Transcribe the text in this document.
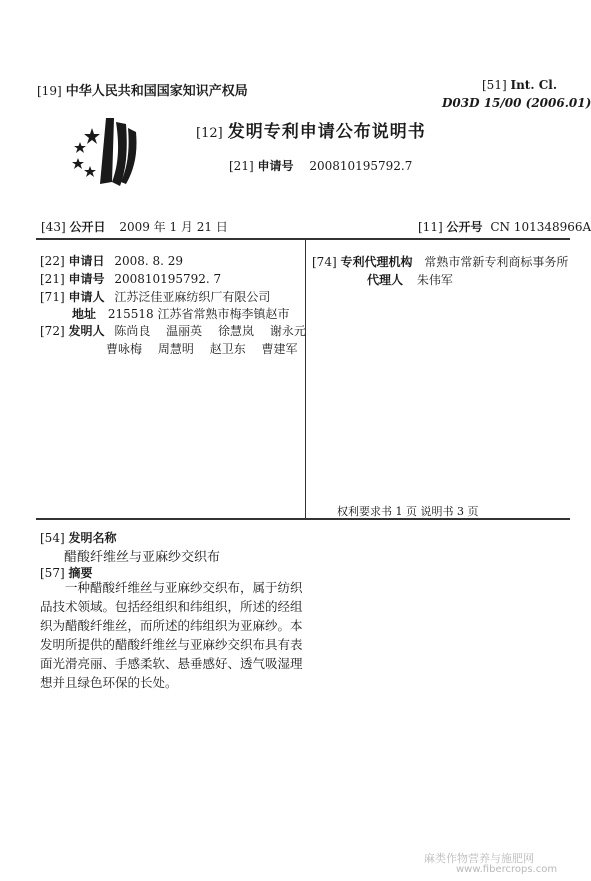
[19] 中华人民共和国国家知识产权局	[51] Int. Cl.
D03D 15/00 (2006.01)
[12] 发明专利申请公布说明书
[21] 申请号 200810195792.7
[43] 公开日 2009 年 1 月 21 日	[11] 公开号 CN 101348966A
[22] 申请日 2008. 8. 29
[21] 申请号 200810195792. 7
[71] 申请人 江苏泛佳亚麻纺织厂有限公司
地址 215518 江苏省常熟市梅李镇赵市
[72] 发明人 陈尚良 温丽英 徐慧岚 谢永元
曹咏梅 周慧明 赵卫东 曹建军
[74] 专利代理机构 常熟市常新专利商标事务所
代理人 朱伟军
权利要求书 1 页 说明书 3 页
[54] 发明名称
醋酸纤维丝与亚麻纱交织布
[57] 摘要
一种醋酸纤维丝与亚麻纱交织布，属于纺织品技术领域。包括经组织和纬组织，所述的经组织为醋酸纤维丝，而所述的纬组织为亚麻纱。本发明所提供的醋酸纤维丝与亚麻纱交织布具有表面光滑亮丽、手感柔软、悬垂感好、透气吸湿理想并且绿色环保的长处。
麻类作物营养与施肥网
www.fibercrops.com
